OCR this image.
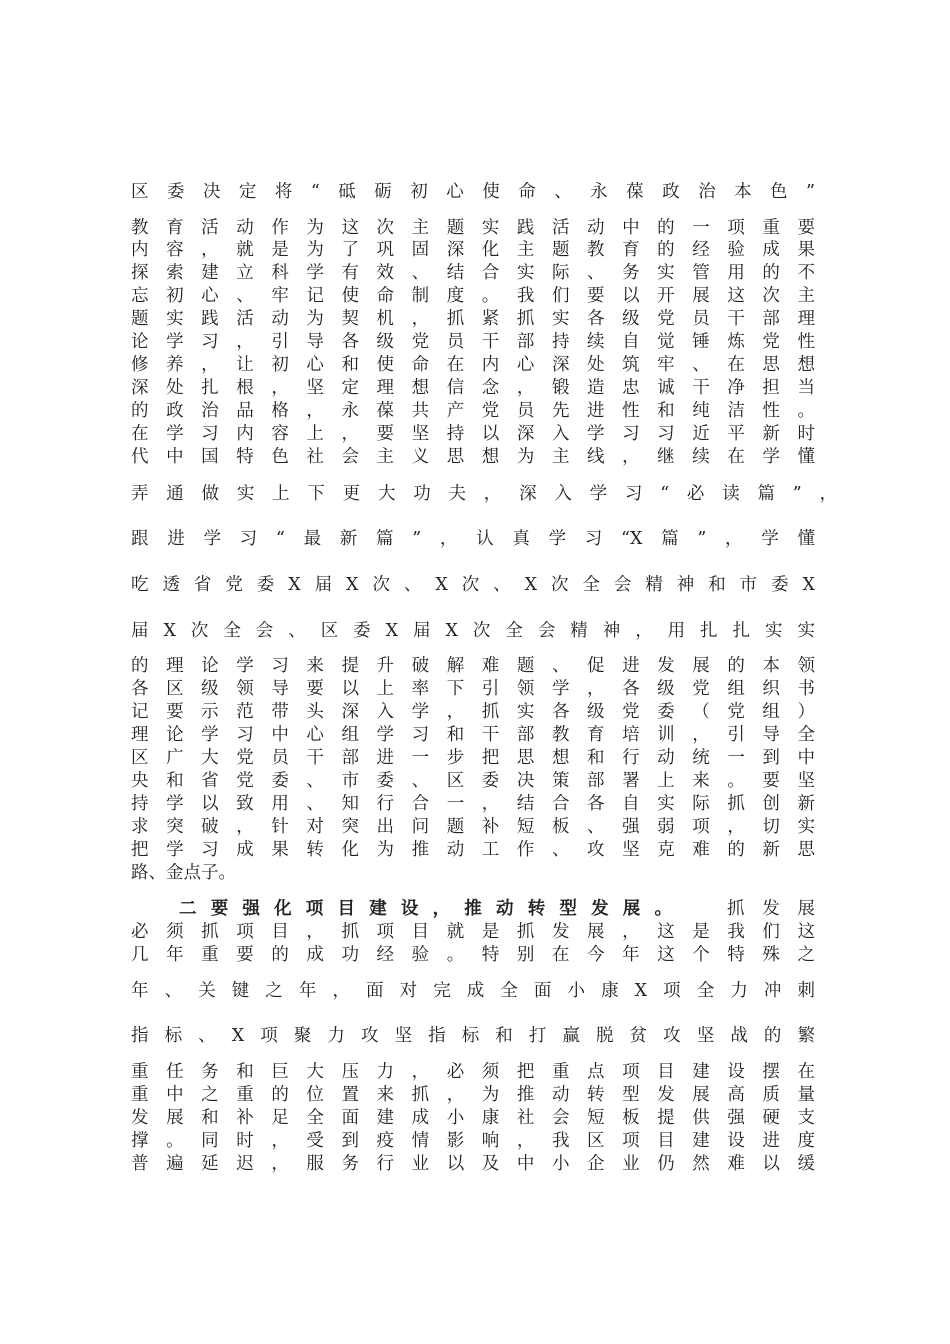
区委决定将“砥砺初心使命、永葆政治本色”
教育活动作为这次主题实践活动中的一项重要
内容，就是为了巩固深化主题教育的经验成果
探索建立科学有效、结合实际、务实管用的不
忘初心、牢记使命制度。我们要以开展这次主
题实践活动为契机，抓紧抓实各级党员干部理
论学习，引导各级党员干部持续自觉锤炼党性
修养，让初心和使命在内心深处筑牢、在思想
深处扎根，坚定理想信念，锻造忠诚干净担当
的政治品格，永葆共产党员先进性和纯洁性。
在学习内容上，要坚持以深入学习习近平新时
代中国特色社会主义思想为主线，继续在学懂
弄通做实上下更大功夫，深入学习“必读篇”，
跟进学习“最新篇”，认真学习“X篇”，学懂
吃透省党委X届X次、X次、X次全会精神和市委X
届X次全会、区委X届X次全会精神，用扎扎实实
的理论学习来提升破解难题、促进发展的本领
各区级领导要以上率下引领学，各级党组织书
记要示范带头深入学，抓实各级党委（党组）
理论学习中心组学习和干部教育培训，引导全
区广大党员干部进一步把思想和行动统一到中
央和省党委、市委、区委决策部署上来。要坚
持学以致用、知行合一，结合各自实际抓创新
求突破，针对突出问题补短板、强弱项，切实
把学习成果转化为推动工作、攻坚克难的新思
路、金点子。
二要强化项目建设，推动转型发展。	抓发展
必须抓项目，抓项目就是抓发展，这是我们这
几年重要的成功经验。特别在今年这个特殊之
年、关键之年，面对完成全面小康X项全力冲刺
指标、X项聚力攻坚指标和打赢脱贫攻坚战的繁
重任务和巨大压力，必须把重点项目建设摆在
重中之重的位置来抓，为推动转型发展高质量
发展和补足全面建成小康社会短板提供强硬支
撑。同时，受到疫情影响，我区项目建设进度
普遍延迟，服务行业以及中小企业仍然难以缓
